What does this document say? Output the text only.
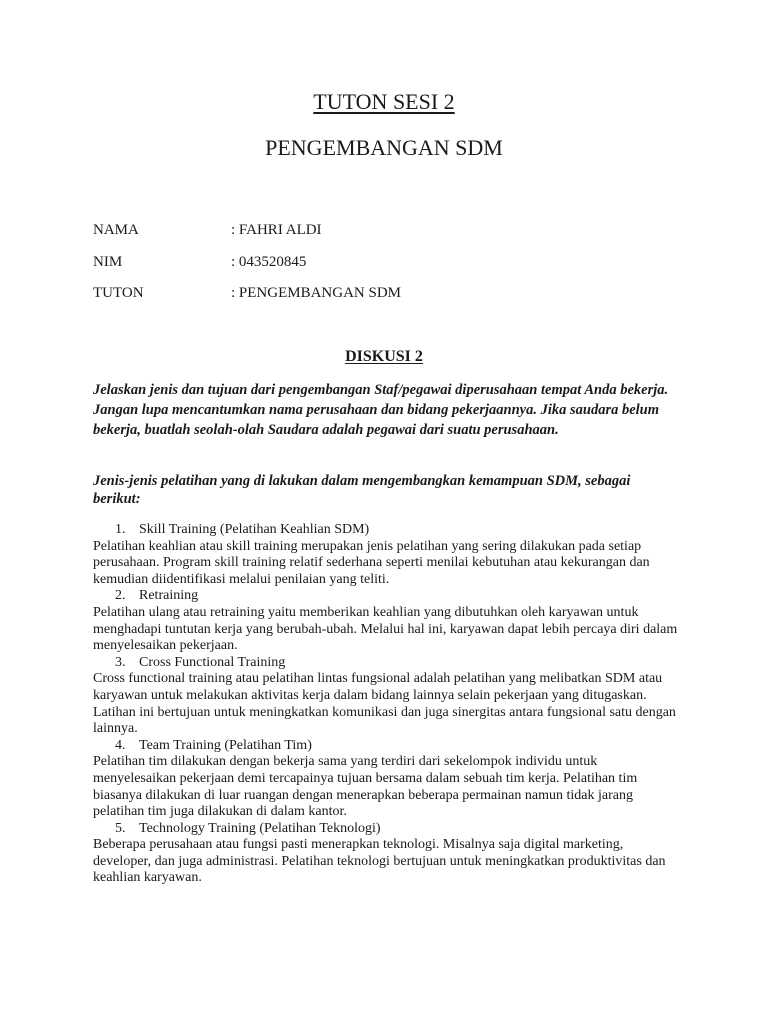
TUTON SESI 2
PENGEMBANGAN SDM
NAMA	: FAHRI ALDI
NIM	: 043520845
TUTON	: PENGEMBANGAN SDM
DISKUSI 2

Jelaskan jenis dan tujuan dari pengembangan Staf/pegawai diperusahaan tempat Anda bekerja. Jangan lupa mencantumkan nama perusahaan dan bidang pekerjaannya. Jika saudara belum bekerja, buatlah seolah-olah Saudara adalah pegawai dari suatu perusahaan.

Jenis-jenis pelatihan yang di lakukan dalam mengembangkan kemampuan SDM, sebagai berikut:

1. Skill Training (Pelatihan Keahlian SDM)

Pelatihan keahlian atau skill training merupakan jenis pelatihan yang sering dilakukan pada setiap perusahaan. Program skill training relatif sederhana seperti menilai kebutuhan atau kekurangan dan kemudian diidentifikasi melalui penilaian yang teliti.

2. Retraining

Pelatihan ulang atau retraining yaitu memberikan keahlian yang dibutuhkan oleh karyawan untuk menghadapi tuntutan kerja yang berubah-ubah. Melalui hal ini, karyawan dapat lebih percaya diri dalam menyelesaikan pekerjaan.

3. Cross Functional Training

Cross functional training atau pelatihan lintas fungsional adalah pelatihan yang melibatkan SDM atau karyawan untuk melakukan aktivitas kerja dalam bidang lainnya selain pekerjaan yang ditugaskan. Latihan ini bertujuan untuk meningkatkan komunikasi dan juga sinergitas antara fungsional satu dengan lainnya.

4. Team Training (Pelatihan Tim)

Pelatihan tim dilakukan dengan bekerja sama yang terdiri dari sekelompok individu untuk menyelesaikan pekerjaan demi tercapainya tujuan bersama dalam sebuah tim kerja. Pelatihan tim biasanya dilakukan di luar ruangan dengan menerapkan beberapa permainan namun tidak jarang pelatihan tim juga dilakukan di dalam kantor.

5. Technology Training (Pelatihan Teknologi)

Beberapa perusahaan atau fungsi pasti menerapkan teknologi. Misalnya saja digital marketing, developer, dan juga administrasi. Pelatihan teknologi bertujuan untuk meningkatkan produktivitas dan keahlian karyawan.
